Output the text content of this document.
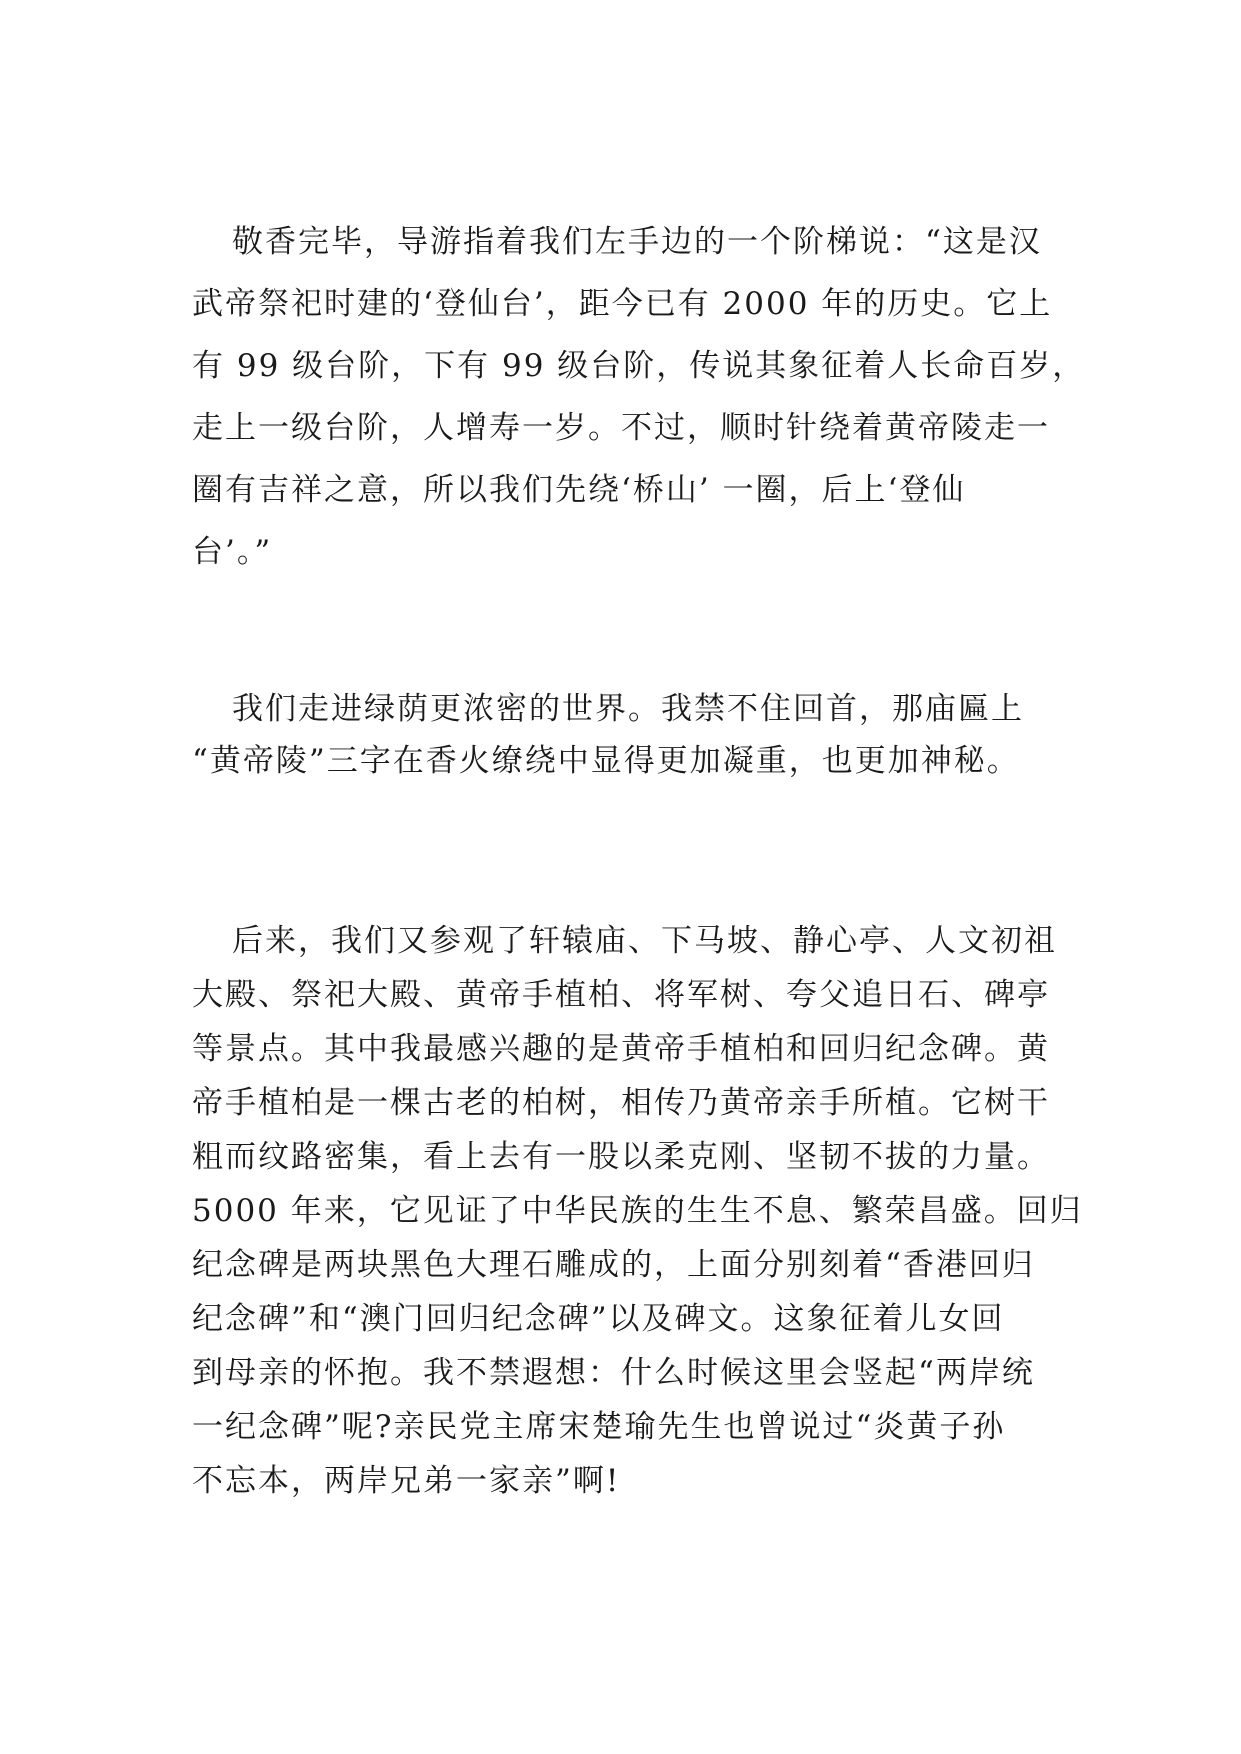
敬香完毕，导游指着我们左手边的一个阶梯说：“这是汉
武帝祭祀时建的‘登仙台’，距今已有 2000 年的历史。它上
有 99 级台阶，下有 99 级台阶，传说其象征着人长命百岁，
走上一级台阶，人增寿一岁。不过，顺时针绕着黄帝陵走一
圈有吉祥之意，所以我们先绕‘桥山’ 一圈，后上‘登仙
台’。”
我们走进绿荫更浓密的世界。我禁不住回首，那庙匾上
“黄帝陵”三字在香火缭绕中显得更加凝重，也更加神秘。
后来，我们又参观了轩辕庙、下马坡、静心亭、人文初祖
大殿、祭祀大殿、黄帝手植柏、将军树、夸父追日石、碑亭
等景点。其中我最感兴趣的是黄帝手植柏和回归纪念碑。黄
帝手植柏是一棵古老的柏树，相传乃黄帝亲手所植。它树干
粗而纹路密集，看上去有一股以柔克刚、坚韧不拔的力量。
5000 年来，它见证了中华民族的生生不息、繁荣昌盛。回归
纪念碑是两块黑色大理石雕成的，上面分别刻着“香港回归
纪念碑”和“澳门回归纪念碑”以及碑文。这象征着儿女回
到母亲的怀抱。我不禁遐想：什么时候这里会竖起“两岸统
一纪念碑”呢?亲民党主席宋楚瑜先生也曾说过“炎黄子孙
不忘本，两岸兄弟一家亲”啊!
